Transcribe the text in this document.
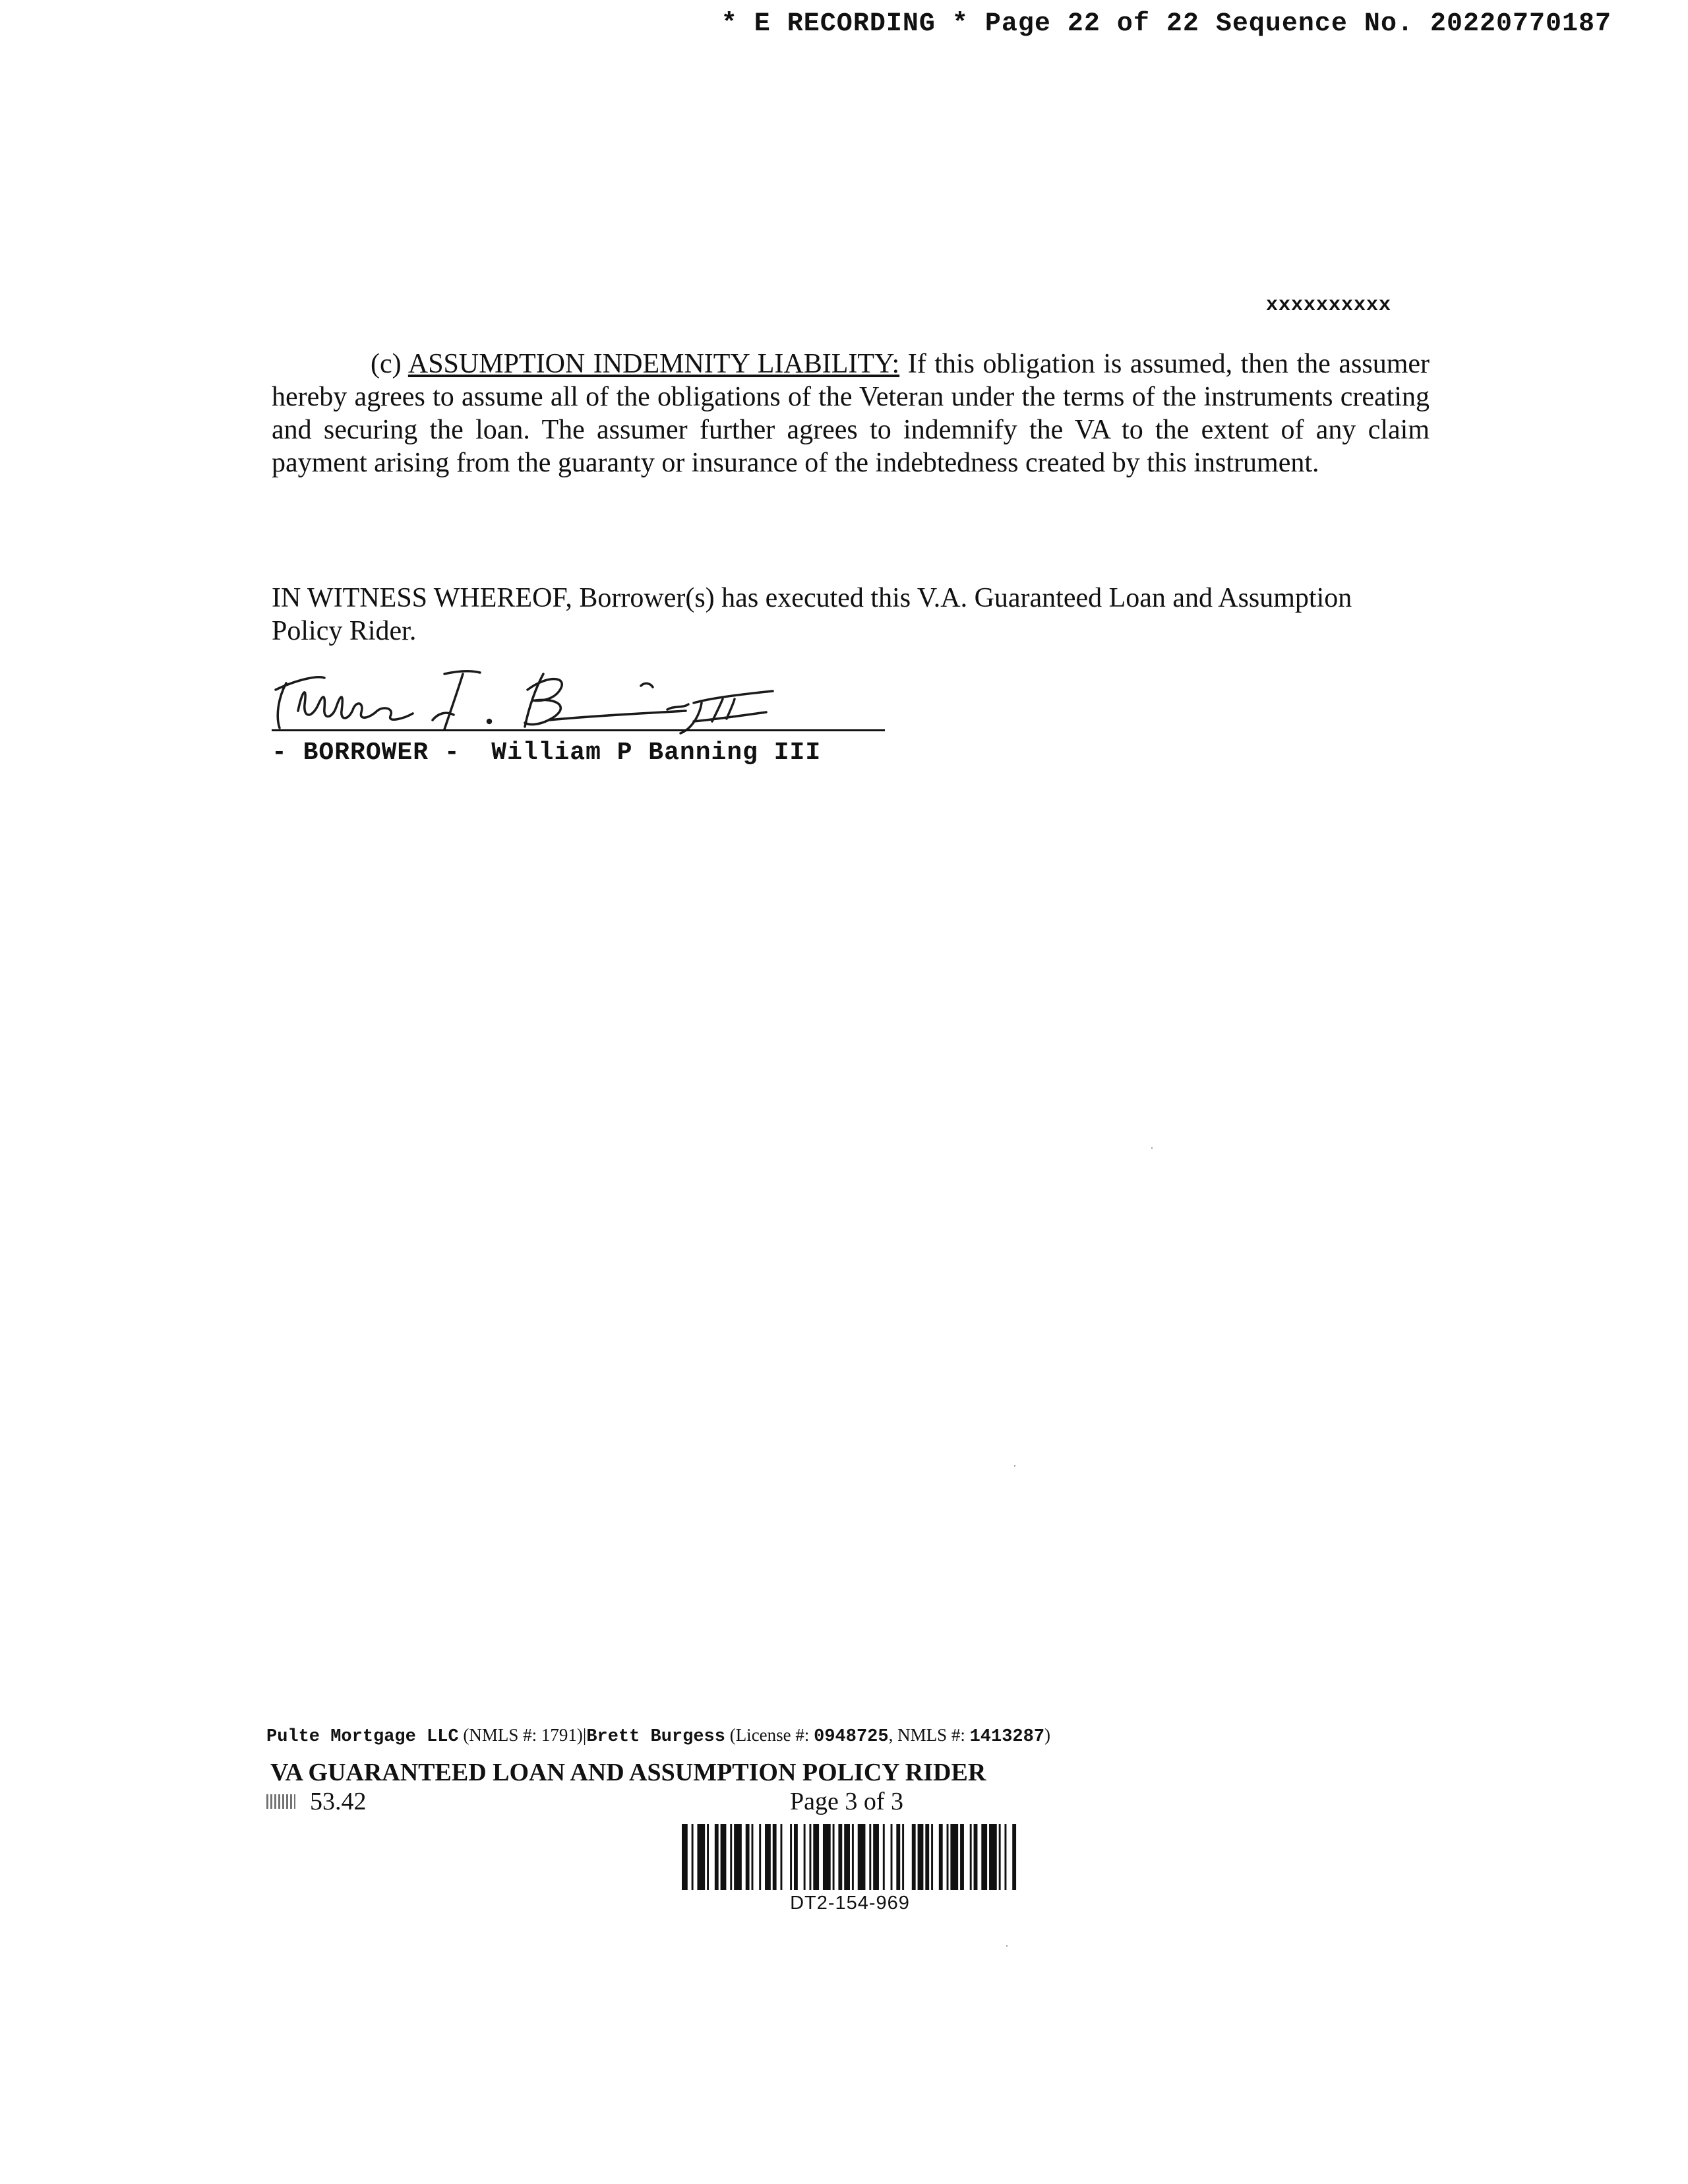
* E RECORDING * Page 22 of 22 Sequence No. 20220770187
xxxxxxxxxx
(c) ASSUMPTION INDEMNITY LIABILITY: If this obligation is assumed, then the assumer hereby agrees to assume all of the obligations of the Veteran under the terms of the instruments creating and securing the loan. The assumer further agrees to indemnify the VA to the extent of any claim payment arising from the guaranty or insurance of the indebtedness created by this instrument.
IN WITNESS WHEREOF, Borrower(s) has executed this V.A. Guaranteed Loan and Assumption Policy Rider.
- BORROWER - William P Banning III
Pulte Mortgage LLC (NMLS #: 1791)|Brett Burgess (License #: 0948725, NMLS #: 1413287)
VA GUARANTEED LOAN AND ASSUMPTION POLICY RIDER
53.42	Page 3 of 3
DT2-154-969
